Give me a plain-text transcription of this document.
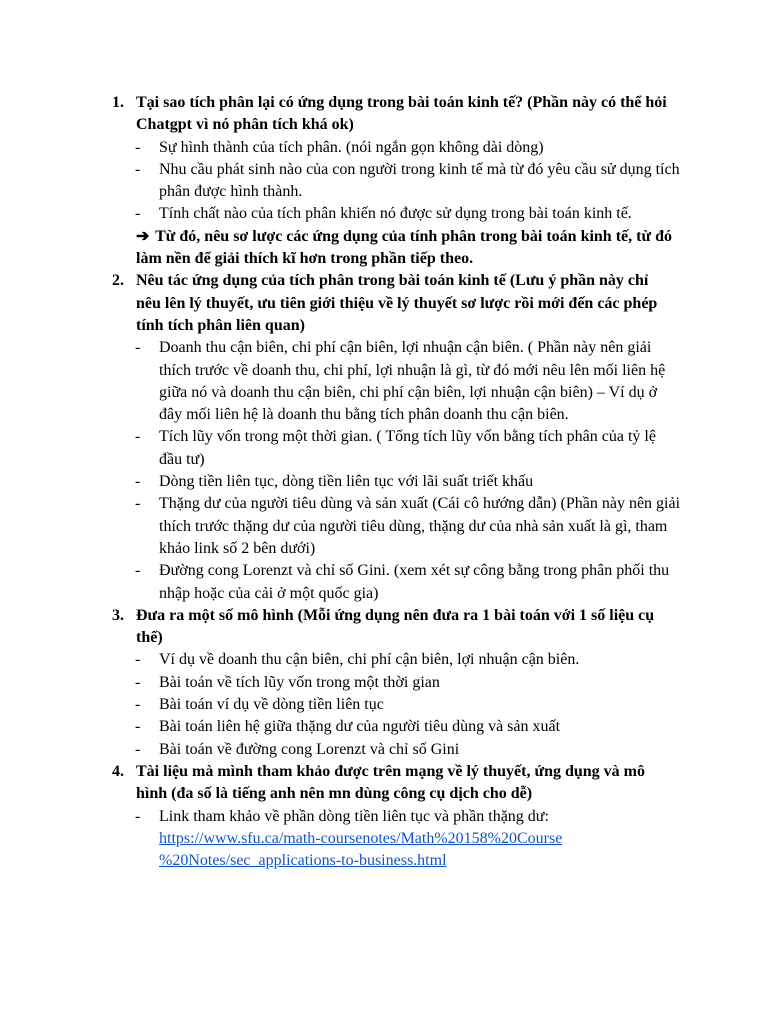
1. Tại sao tích phân lại có ứng dụng trong bài toán kinh tế? (Phần này có thể hỏi Chatgpt vì nó phân tích khá ok)
- Sự hình thành của tích phân. (nói ngắn gọn không dài dòng)
- Nhu cầu phát sinh nào của con người trong kinh tế mà từ đó yêu cầu sử dụng tích phân được hình thành.
- Tính chất nào của tích phân khiến nó được sử dụng trong bài toán kinh tế.
➔ Từ đó, nêu sơ lược các ứng dụng của tính phân trong bài toán kinh tế, từ đó làm nền để giải thích kĩ hơn trong phần tiếp theo.
2. Nêu tác ứng dụng của tích phân trong bài toán kinh tế (Lưu ý phần này chỉ nêu lên lý thuyết, ưu tiên giới thiệu về lý thuyết sơ lược rồi mới đến các phép tính tích phân liên quan)
- Doanh thu cận biên, chi phí cận biên, lợi nhuận cận biên. ( Phần này nên giải thích trước về doanh thu, chi phí, lợi nhuận là gì, từ đó mới nêu lên mối liên hệ giữa nó và doanh thu cận biên, chi phí cận biên, lợi nhuận cận biên) – Ví dụ ở đây mối liên hệ là doanh thu bằng tích phân doanh thu cận biên.
- Tích lũy vốn trong một thời gian. ( Tổng tích lũy vốn bằng tích phân của tỷ lệ đầu tư)
- Dòng tiền liên tục, dòng tiền liên tục với lãi suất triết khấu
- Thặng dư của người tiêu dùng và sản xuất (Cái cô hướng dẫn) (Phần này nên giải thích trước thặng dư của người tiêu dùng, thặng dư của nhà sản xuất là gì, tham khảo link số 2 bên dưới)
- Đường cong Lorenzt và chỉ số Gini. (xem xét sự công bằng trong phân phối thu nhập hoặc của cải ở một quốc gia)
3. Đưa ra một số mô hình (Mỗi ứng dụng nên đưa ra 1 bài toán với 1 số liệu cụ thể)
- Ví dụ về doanh thu cận biên, chi phí cận biên, lợi nhuận cận biên.
- Bài toán về tích lũy vốn trong một thời gian
- Bài toán ví dụ về dòng tiền liên tục
- Bài toán liên hệ giữa thặng dư của người tiêu dùng và sản xuất
- Bài toán về đường cong Lorenzt và chỉ số Gini
4. Tài liệu mà mình tham khảo được trên mạng về lý thuyết, ứng dụng và mô hình (đa số là tiếng anh nên mn dùng công cụ dịch cho dễ)
- Link tham khảo về phần dòng tiền liên tục và phần thặng dư:
https://www.sfu.ca/math-coursenotes/Math%20158%20Course
%20Notes/sec_applications-to-business.html
